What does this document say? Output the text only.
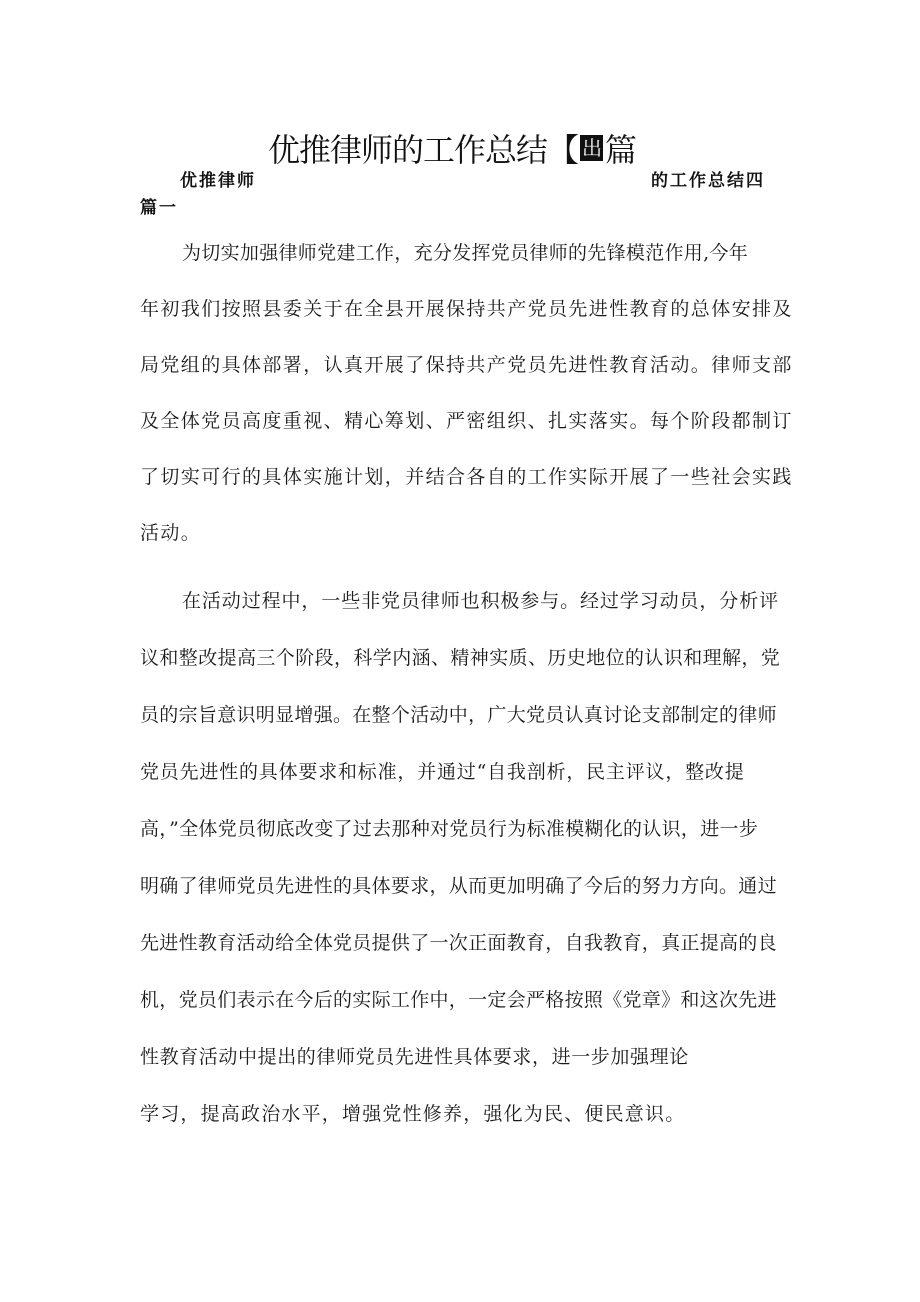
优推律师的工作总结【 出 篇
优推律师	的工作总结四
篇一
为切实加强律师党建工作，充分发挥党员律师的先锋模范作用,今年
年初我们按照县委关于在全县开展保持共产党员先进性教育的总体安排及
局党组的具体部署，认真开展了保持共产党员先进性教育活动。律师支部
及全体党员高度重视、精心筹划、严密组织、扎实落实。每个阶段都制订
了切实可行的具体实施计划，并结合各自的工作实际开展了一些社会实践
活动。
在活动过程中，一些非党员律师也积极参与。经过学习动员，分析评
议和整改提高三个阶段，科学内涵、精神实质、历史地位的认识和理解，党
员的宗旨意识明显增强。在整个活动中，广大党员认真讨论支部制定的律师
党员先进性的具体要求和标准，并通过“自我剖析，民主评议，整改提
高，”全体党员彻底改变了过去那种对党员行为标准模糊化的认识，进一步
明确了律师党员先进性的具体要求，从而更加明确了今后的努力方向。通过
先进性教育活动给全体党员提供了一次正面教育，自我教育，真正提高的良
机，党员们表示在今后的实际工作中，一定会严格按照《党章》和这次先进
性教育活动中提出的律师党员先进性具体要求，进一步加强理论
学习，提高政治水平，增强党性修养，强化为民、便民意识。
